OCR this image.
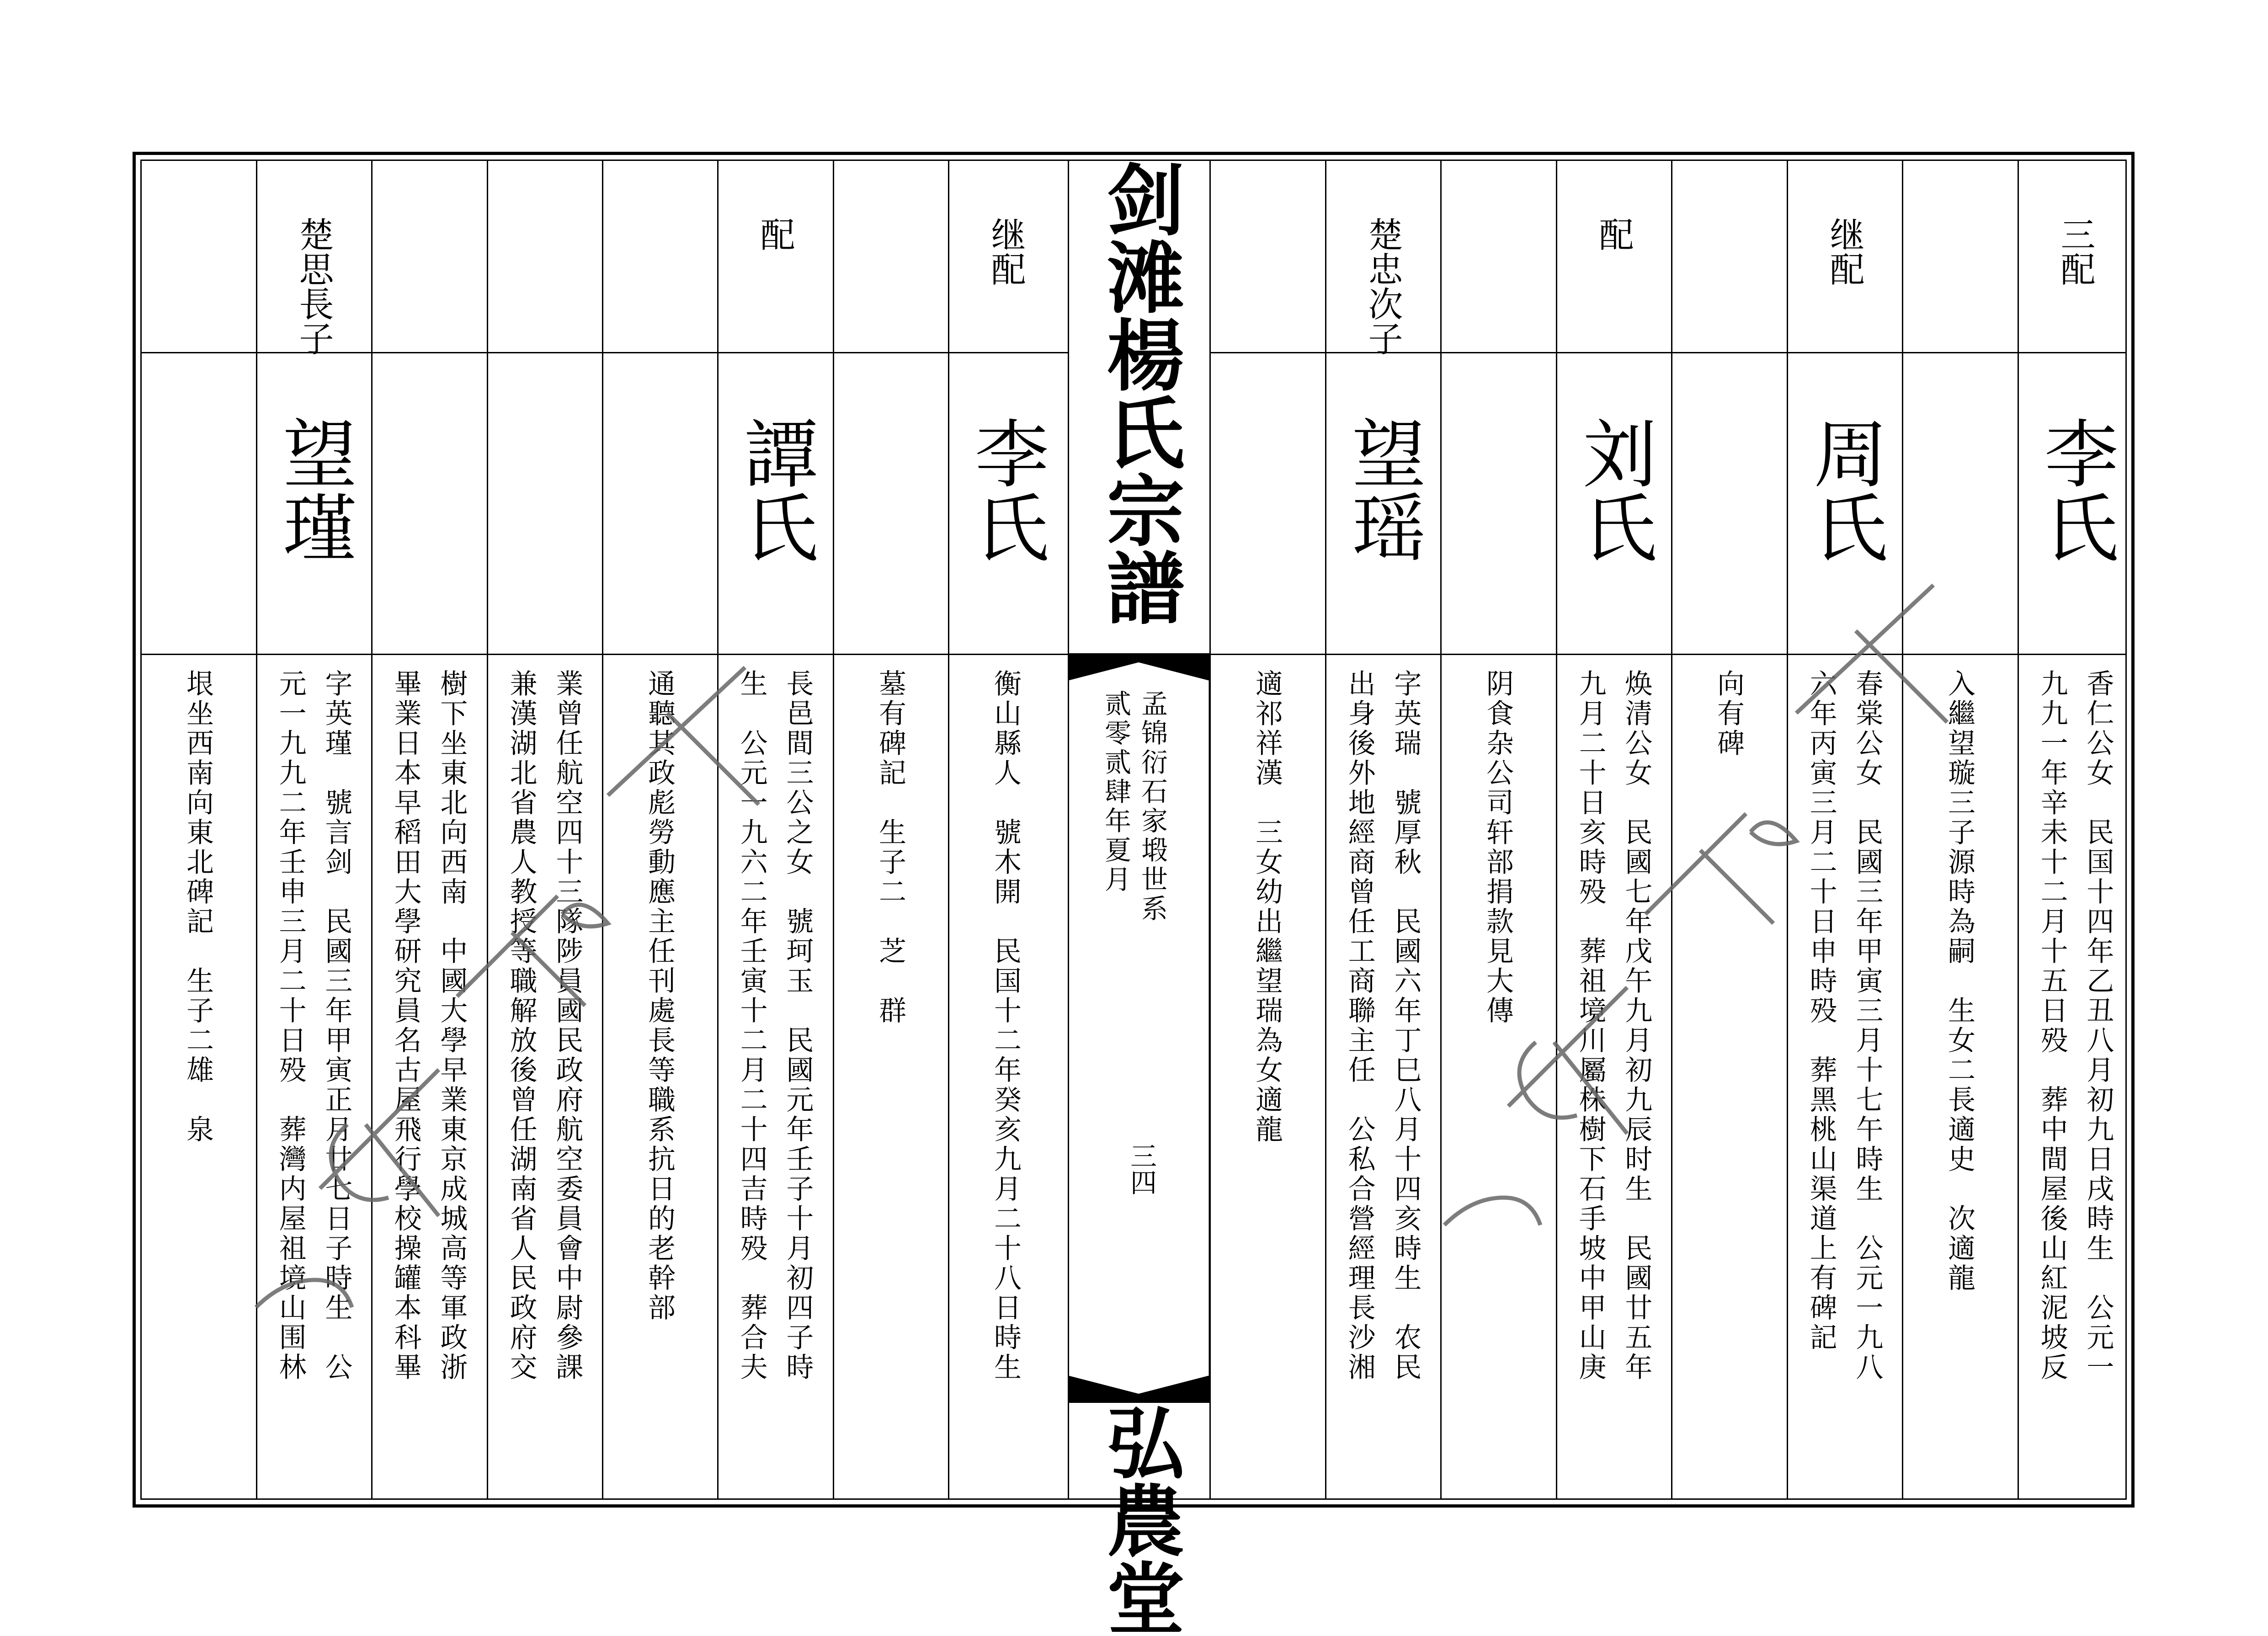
继配
李氏
衡山縣人　號木開　民国十二年癸亥九月二十八日時生
墓有碑記　生子二　芝　群
配
譚氏
長邑間三公之女　號珂玉　民國元年壬子十月初四子時
生　公元一九六二年壬寅十二月二十四吉時殁　葬合夫
通聽其政彪勞動應主任刊處長等職系抗日的老幹部
業曾任航空四十三隊陟員國民政府航空委員會中尉參課
兼漢湖北省農人教授等職解放後曾任湖南省人民政府交
樹下坐東北向西南　中國大學早業東京成城高等軍政浙
畢業日本早稻田大學研究員名古屋飛行學校操罐本科畢
楚思長子
望瑾
字英瑾　號言剑　民國三年甲寅正月廿七日子時生　公
元一九九二年壬申三月二十日殁　葬灣内屋祖境山围林
垠坐西南向東北碑記　生子二雄　泉
三配
李氏
香仁公女　民国十四年乙丑八月初九日戌時生　公元一
九九一年辛未十二月十五日殁　葬中間屋後山紅泥坡反
入繼望璇三子源時為嗣　生女二長適史　次適龍
继配
周氏
春棠公女　民國三年甲寅三月十七午時生　公元一九八
六年丙寅三月二十日申時殁　葬黑桃山渠道上有碑記
向有碑
配
刘氏
焕清公女　民國七年戊午九月初九辰时生　民國廿五年
九月二十日亥時殁　葬祖境川屬株樹下石手坡中甲山庚
阴食杂公司轩部捐款見大傳
楚忠次子
望瑶
字英瑞　號厚秋　民國六年丁巳八月十四亥時生　农民
出身後外地經商曾任工商聯主任　公私合營經理長沙湘
適祁祥漢　三女幼出繼望瑞為女適龍
剑滩楊氏宗譜
孟锦衍石家塅世系
贰零贰肆年夏月
三四
弘農堂
